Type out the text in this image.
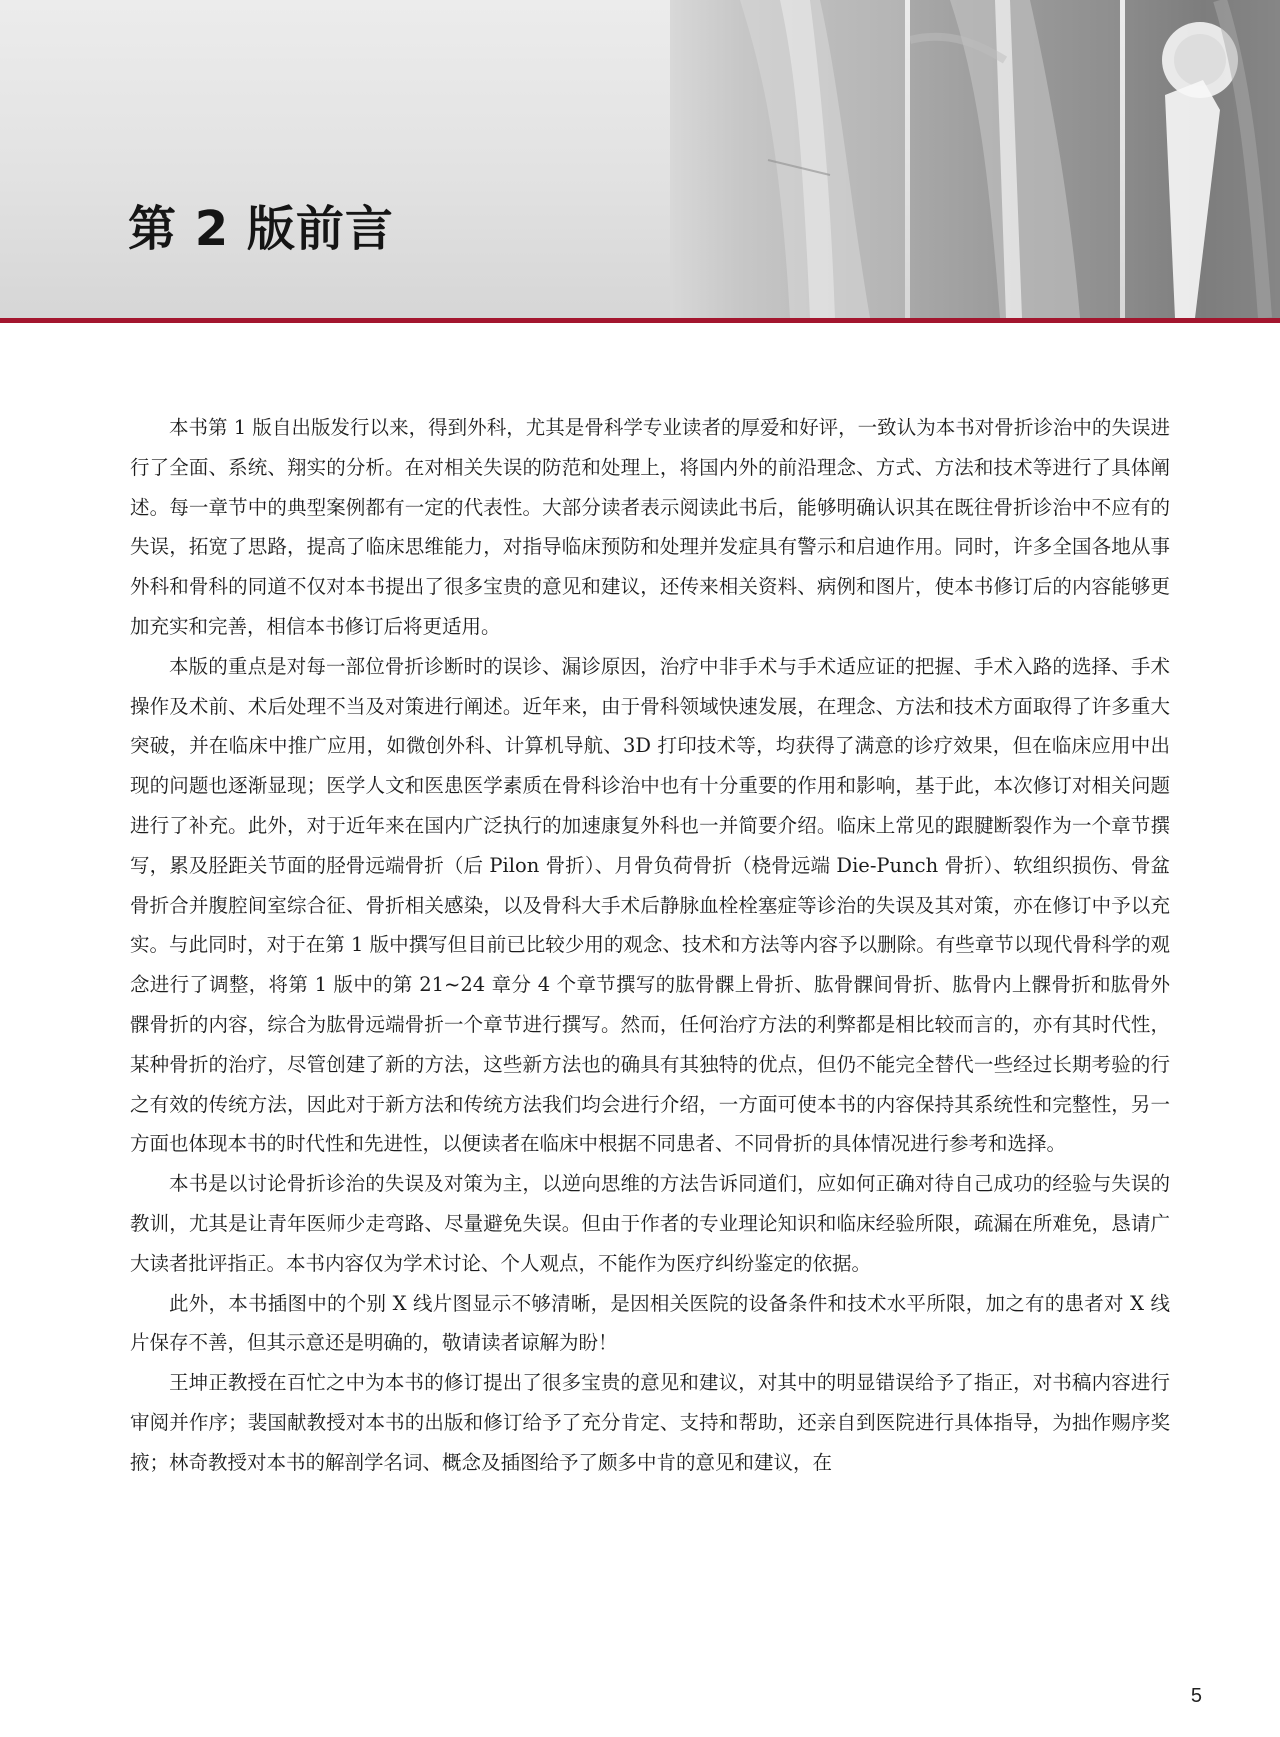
第 2 版前言

本书第 1 版自出版发行以来，得到外科，尤其是骨科学专业读者的厚爱和好评，一致认为本书对骨折诊治中的失误进行了全面、系统、翔实的分析。在对相关失误的防范和处理上，将国内外的前沿理念、方式、方法和技术等进行了具体阐述。每一章节中的典型案例都有一定的代表性。大部分读者表示阅读此书后，能够明确认识其在既往骨折诊治中不应有的失误，拓宽了思路，提高了临床思维能力，对指导临床预防和处理并发症具有警示和启迪作用。同时，许多全国各地从事外科和骨科的同道不仅对本书提出了很多宝贵的意见和建议，还传来相关资料、病例和图片，使本书修订后的内容能够更加充实和完善，相信本书修订后将更适用。

本版的重点是对每一部位骨折诊断时的误诊、漏诊原因，治疗中非手术与手术适应证的把握、手术入路的选择、手术操作及术前、术后处理不当及对策进行阐述。近年来，由于骨科领域快速发展，在理念、方法和技术方面取得了许多重大突破，并在临床中推广应用，如微创外科、计算机导航、3D 打印技术等，均获得了满意的诊疗效果，但在临床应用中出现的问题也逐渐显现；医学人文和医患医学素质在骨科诊治中也有十分重要的作用和影响，基于此，本次修订对相关问题进行了补充。此外，对于近年来在国内广泛执行的加速康复外科也一并简要介绍。临床上常见的跟腱断裂作为一个章节撰写，累及胫距关节面的胫骨远端骨折（后 Pilon 骨折）、月骨负荷骨折（桡骨远端 Die-Punch 骨折）、软组织损伤、骨盆骨折合并腹腔间室综合征、骨折相关感染，以及骨科大手术后静脉血栓栓塞症等诊治的失误及其对策，亦在修订中予以充实。与此同时，对于在第 1 版中撰写但目前已比较少用的观念、技术和方法等内容予以删除。有些章节以现代骨科学的观念进行了调整，将第 1 版中的第 21~24 章分 4 个章节撰写的肱骨髁上骨折、肱骨髁间骨折、肱骨内上髁骨折和肱骨外髁骨折的内容，综合为肱骨远端骨折一个章节进行撰写。然而，任何治疗方法的利弊都是相比较而言的，亦有其时代性，某种骨折的治疗，尽管创建了新的方法，这些新方法也的确具有其独特的优点，但仍不能完全替代一些经过长期考验的行之有效的传统方法，因此对于新方法和传统方法我们均会进行介绍，一方面可使本书的内容保持其系统性和完整性，另一方面也体现本书的时代性和先进性，以便读者在临床中根据不同患者、不同骨折的具体情况进行参考和选择。

本书是以讨论骨折诊治的失误及对策为主，以逆向思维的方法告诉同道们，应如何正确对待自己成功的经验与失误的教训，尤其是让青年医师少走弯路、尽量避免失误。但由于作者的专业理论知识和临床经验所限，疏漏在所难免，恳请广大读者批评指正。本书内容仅为学术讨论、个人观点，不能作为医疗纠纷鉴定的依据。

此外，本书插图中的个别 X 线片图显示不够清晰，是因相关医院的设备条件和技术水平所限，加之有的患者对 X 线片保存不善，但其示意还是明确的，敬请读者谅解为盼！

王坤正教授在百忙之中为本书的修订提出了很多宝贵的意见和建议，对其中的明显错误给予了指正，对书稿内容进行审阅并作序；裴国献教授对本书的出版和修订给予了充分肯定、支持和帮助，还亲自到医院进行具体指导，为拙作赐序奖掖；林奇教授对本书的解剖学名词、概念及插图给予了颇多中肯的意见和建议，在

5
